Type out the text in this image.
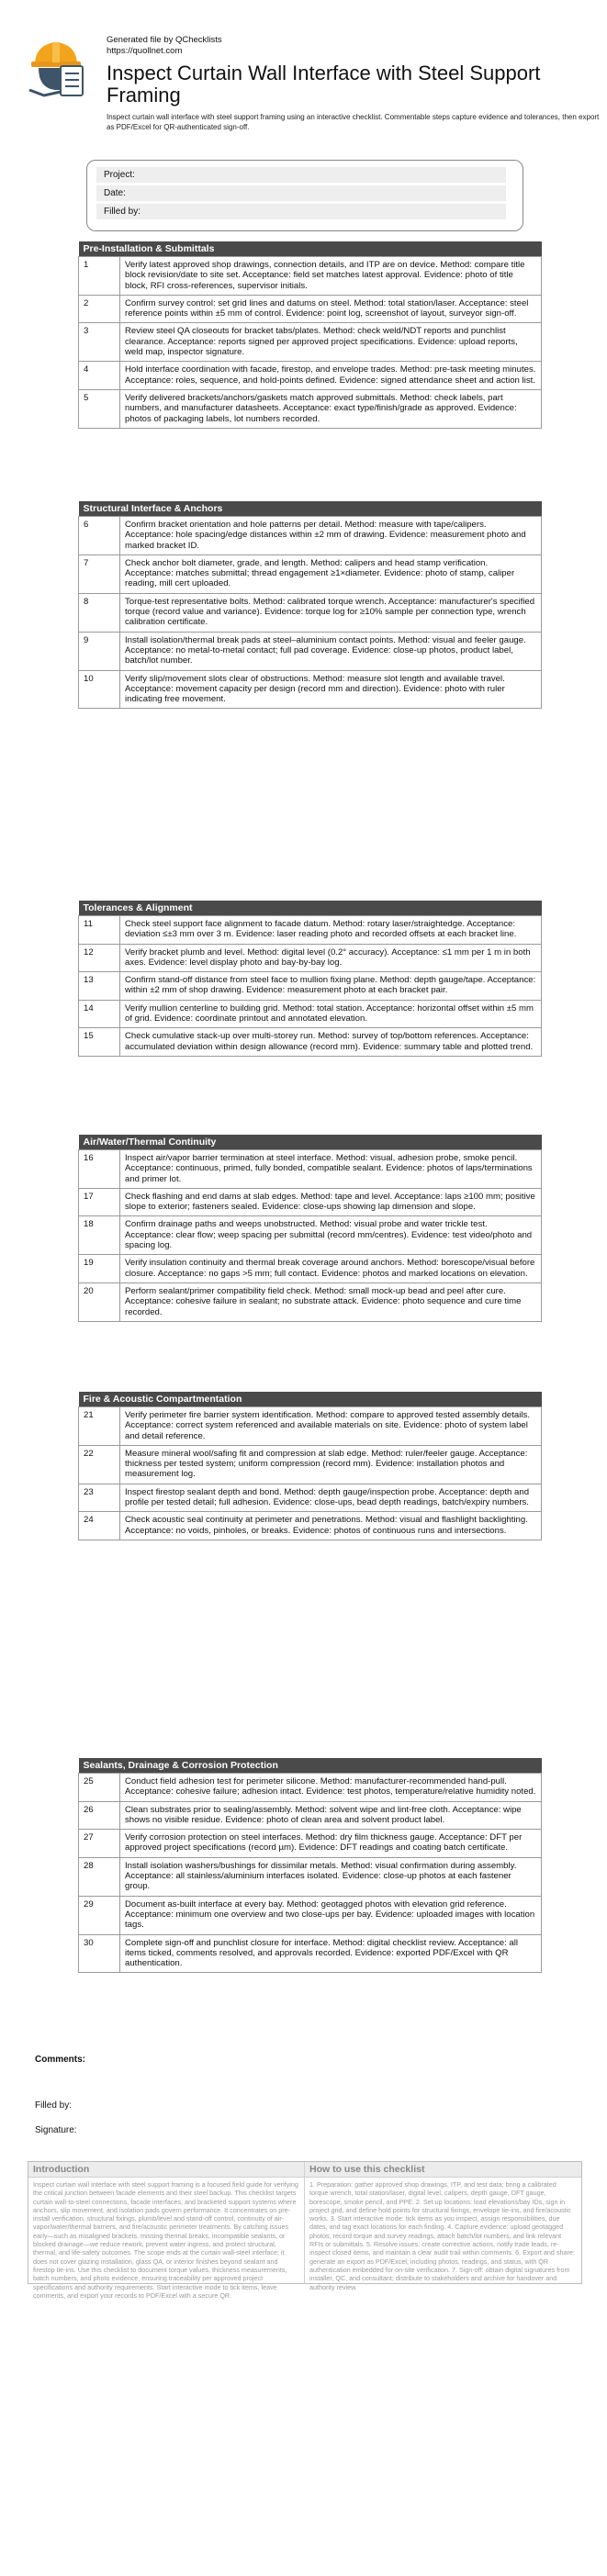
Generated file by QChecklists
https://quollnet.com
Inspect Curtain Wall Interface with Steel Support Framing
Inspect curtain wall interface with steel support framing using an interactive checklist. Commentable steps capture evidence and tolerances, then export as PDF/Excel for QR-authenticated sign-off.
Project:
Date:
Filled by:
Pre-Installation & Submittals	
1	Verify latest approved shop drawings, connection details, and ITP are on device. Method: compare title block revision/date to site set. Acceptance: field set matches latest approval. Evidence: photo of title block, RFI cross-references, supervisor initials.
2	Confirm survey control: set grid lines and datums on steel. Method: total station/laser. Acceptance: steel reference points within ±5 mm of control. Evidence: point log, screenshot of layout, surveyor sign-off.
3	Review steel QA closeouts for bracket tabs/plates. Method: check weld/NDT reports and punchlist clearance. Acceptance: reports signed per approved project specifications. Evidence: upload reports, weld map, inspector signature.
4	Hold interface coordination with facade, firestop, and envelope trades. Method: pre-task meeting minutes. Acceptance: roles, sequence, and hold-points defined. Evidence: signed attendance sheet and action list.
5	Verify delivered brackets/anchors/gaskets match approved submittals. Method: check labels, part numbers, and manufacturer datasheets. Acceptance: exact type/finish/grade as approved. Evidence: photos of packaging labels, lot numbers recorded.
Structural Interface & Anchors	
6	Confirm bracket orientation and hole patterns per detail. Method: measure with tape/calipers. Acceptance: hole spacing/edge distances within ±2 mm of drawing. Evidence: measurement photo and marked bracket ID.
7	Check anchor bolt diameter, grade, and length. Method: calipers and head stamp verification. Acceptance: matches submittal; thread engagement ≥1×diameter. Evidence: photo of stamp, caliper reading, mill cert uploaded.
8	Torque-test representative bolts. Method: calibrated torque wrench. Acceptance: manufacturer's specified torque (record value and variance). Evidence: torque log for ≥10% sample per connection type, wrench calibration certificate.
9	Install isolation/thermal break pads at steel–aluminium contact points. Method: visual and feeler gauge. Acceptance: no metal-to-metal contact; full pad coverage. Evidence: close-up photos, product label, batch/lot number.
10	Verify slip/movement slots clear of obstructions. Method: measure slot length and available travel. Acceptance: movement capacity per design (record mm and direction). Evidence: photo with ruler indicating free movement.
Tolerances & Alignment	
11	Check steel support face alignment to facade datum. Method: rotary laser/straightedge. Acceptance: deviation ≤±3 mm over 3 m. Evidence: laser reading photo and recorded offsets at each bracket line.
12	Verify bracket plumb and level. Method: digital level (0.2° accuracy). Acceptance: ≤1 mm per 1 m in both axes. Evidence: level display photo and bay-by-bay log.
13	Confirm stand-off distance from steel face to mullion fixing plane. Method: depth gauge/tape. Acceptance: within ±2 mm of shop drawing. Evidence: measurement photo at each bracket pair.
14	Verify mullion centerline to building grid. Method: total station. Acceptance: horizontal offset within ±5 mm of grid. Evidence: coordinate printout and annotated elevation.
15	Check cumulative stack-up over multi-storey run. Method: survey of top/bottom references. Acceptance: accumulated deviation within design allowance (record mm). Evidence: summary table and plotted trend.
Air/Water/Thermal Continuity	
16	Inspect air/vapor barrier termination at steel interface. Method: visual, adhesion probe, smoke pencil. Acceptance: continuous, primed, fully bonded, compatible sealant. Evidence: photos of laps/terminations and primer lot.
17	Check flashing and end dams at slab edges. Method: tape and level. Acceptance: laps ≥100 mm; positive slope to exterior; fasteners sealed. Evidence: close-ups showing lap dimension and slope.
18	Confirm drainage paths and weeps unobstructed. Method: visual probe and water trickle test. Acceptance: clear flow; weep spacing per submittal (record mm/centres). Evidence: test video/photo and spacing log.
19	Verify insulation continuity and thermal break coverage around anchors. Method: borescope/visual before closure. Acceptance: no gaps >5 mm; full contact. Evidence: photos and marked locations on elevation.
20	Perform sealant/primer compatibility field check. Method: small mock-up bead and peel after cure. Acceptance: cohesive failure in sealant; no substrate attack. Evidence: photo sequence and cure time recorded.
Fire & Acoustic Compartmentation	
21	Verify perimeter fire barrier system identification. Method: compare to approved tested assembly details. Acceptance: correct system referenced and available materials on site. Evidence: photo of system label and detail reference.
22	Measure mineral wool/safing fit and compression at slab edge. Method: ruler/feeler gauge. Acceptance: thickness per tested system; uniform compression (record mm). Evidence: installation photos and measurement log.
23	Inspect firestop sealant depth and bond. Method: depth gauge/inspection probe. Acceptance: depth and profile per tested detail; full adhesion. Evidence: close-ups, bead depth readings, batch/expiry numbers.
24	Check acoustic seal continuity at perimeter and penetrations. Method: visual and flashlight backlighting. Acceptance: no voids, pinholes, or breaks. Evidence: photos of continuous runs and intersections.
Sealants, Drainage & Corrosion Protection	
25	Conduct field adhesion test for perimeter silicone. Method: manufacturer-recommended hand-pull. Acceptance: cohesive failure; adhesion intact. Evidence: test photos, temperature/relative humidity noted.
26	Clean substrates prior to sealing/assembly. Method: solvent wipe and lint-free cloth. Acceptance: wipe shows no visible residue. Evidence: photo of clean area and solvent product label.
27	Verify corrosion protection on steel interfaces. Method: dry film thickness gauge. Acceptance: DFT per approved project specifications (record µm). Evidence: DFT readings and coating batch certificate.
28	Install isolation washers/bushings for dissimilar metals. Method: visual confirmation during assembly. Acceptance: all stainless/aluminium interfaces isolated. Evidence: close-up photos at each fastener group.
29	Document as-built interface at every bay. Method: geotagged photos with elevation grid reference. Acceptance: minimum one overview and two close-ups per bay. Evidence: uploaded images with location tags.
30	Complete sign-off and punchlist closure for interface. Method: digital checklist review. Acceptance: all items ticked, comments resolved, and approvals recorded. Evidence: exported PDF/Excel with QR authentication.
Comments:
Filled by:
Signature:
Introduction
Inspect curtain wall interface with steel support framing is a focused field guide for verifying the critical junction between facade elements and their steel backup. This checklist targets curtain wall-to-steel connections, facade interfaces, and bracketed support systems where anchors, slip movement, and isolation pads govern performance. It concentrates on pre-install verification, structural fixings, plumb/level and stand-off control, continuity of air-vapor/water/thermal barriers, and fire/acoustic perimeter treatments. By catching issues early—such as misaligned brackets, missing thermal breaks, incompatible sealants, or blocked drainage—we reduce rework, prevent water ingress, and protect structural, thermal, and life-safety outcomes. The scope ends at the curtain wall-steel interface; it does not cover glazing installation, glass QA, or interior finishes beyond sealant and firestop tie-ins. Use this checklist to document torque values, thickness measurements, batch numbers, and photo evidence, ensuring traceability per approved project specifications and authority requirements. Start interactive mode to tick items, leave comments, and export your records to PDF/Excel with a secure QR.
How to use this checklist
1. Preparation: gather approved shop drawings, ITP, and test data; bring a calibrated torque wrench, total station/laser, digital level, calipers, depth gauge, DFT gauge, borescope, smoke pencil, and PPE. 2. Set up locations: load elevations/bay IDs, sign in project grid, and define hold points for structural fixings, envelope tie-ins, and fire/acoustic works. 3. Start interactive mode: tick items as you inspect, assign responsibilities, due dates, and tag exact locations for each finding. 4. Capture evidence: upload geotagged photos, record torque and survey readings, attach batch/lot numbers, and link relevant RFIs or submittals. 5. Resolve issues: create corrective actions, notify trade leads, re-inspect closed items, and maintain a clear audit trail within comments. 6. Export and share: generate an export as PDF/Excel, including photos, readings, and status, with QR authentication embedded for on-site verification. 7. Sign-off: obtain digital signatures from installer, QC, and consultant; distribute to stakeholders and archive for handover and authority review.
